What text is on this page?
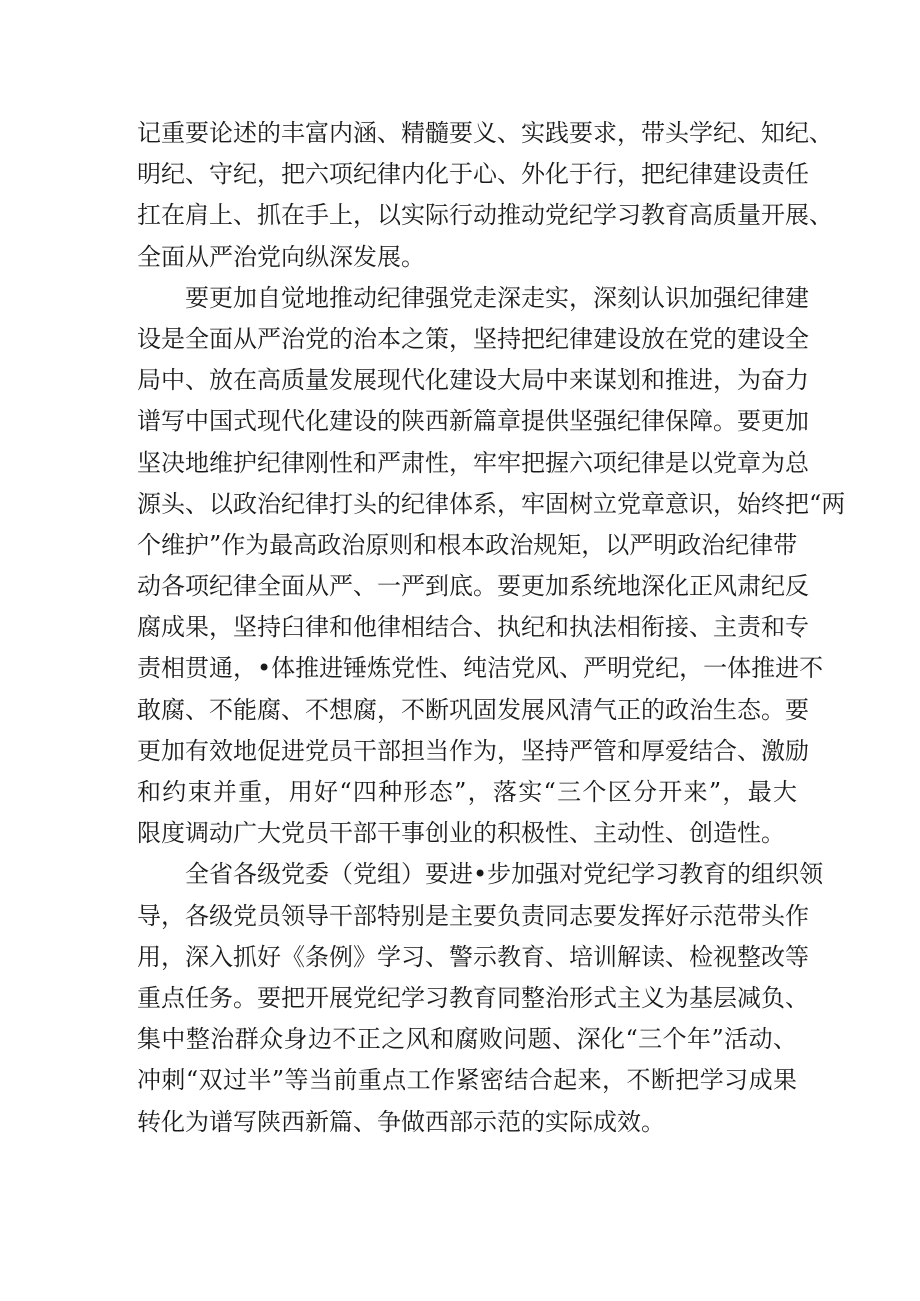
记重要论述的丰富内涵、精髓要义、实践要求，带头学纪、知纪、
明纪、守纪，把六项纪律内化于心、外化于行，把纪律建设责任
扛在肩上、抓在手上，以实际行动推动党纪学习教育高质量开展、
全面从严治党向纵深发展。
要更加自觉地推动纪律强党走深走实，深刻认识加强纪律建
设是全面从严治党的治本之策，坚持把纪律建设放在党的建设全
局中、放在高质量发展现代化建设大局中来谋划和推进，为奋力
谱写中国式现代化建设的陕西新篇章提供坚强纪律保障。要更加
坚决地维护纪律刚性和严肃性，牢牢把握六项纪律是以党章为总
源头、以政治纪律打头的纪律体系，牢固树立党章意识，始终把“两
个维护”作为最高政治原则和根本政治规矩，以严明政治纪律带
动各项纪律全面从严、一严到底。要更加系统地深化正风肃纪反
腐成果，坚持臼律和他律相结合、执纪和执法相衔接、主责和专
责相贯通，•体推进锤炼党性、纯洁党风、严明党纪，一体推进不
敢腐、不能腐、不想腐，不断巩固发展风清气正的政治生态。要
更加有效地促进党员干部担当作为，坚持严管和厚爱结合、激励
和约束并重，用好“四种形态”，落实“三个区分开来”，最大
限度调动广大党员干部干事创业的积极性、主动性、创造性。
全省各级党委（党组）要进•步加强对党纪学习教育的组织领
导，各级党员领导干部特别是主要负责同志要发挥好示范带头作
用，深入抓好《条例》学习、警示教育、培训解读、检视整改等
重点任务。要把开展党纪学习教育同整治形式主义为基层减负、
集中整治群众身边不正之风和腐败问题、深化“三个年”活动、
冲刺“双过半”等当前重点工作紧密结合起来，不断把学习成果
转化为谱写陕西新篇、争做西部示范的实际成效。
